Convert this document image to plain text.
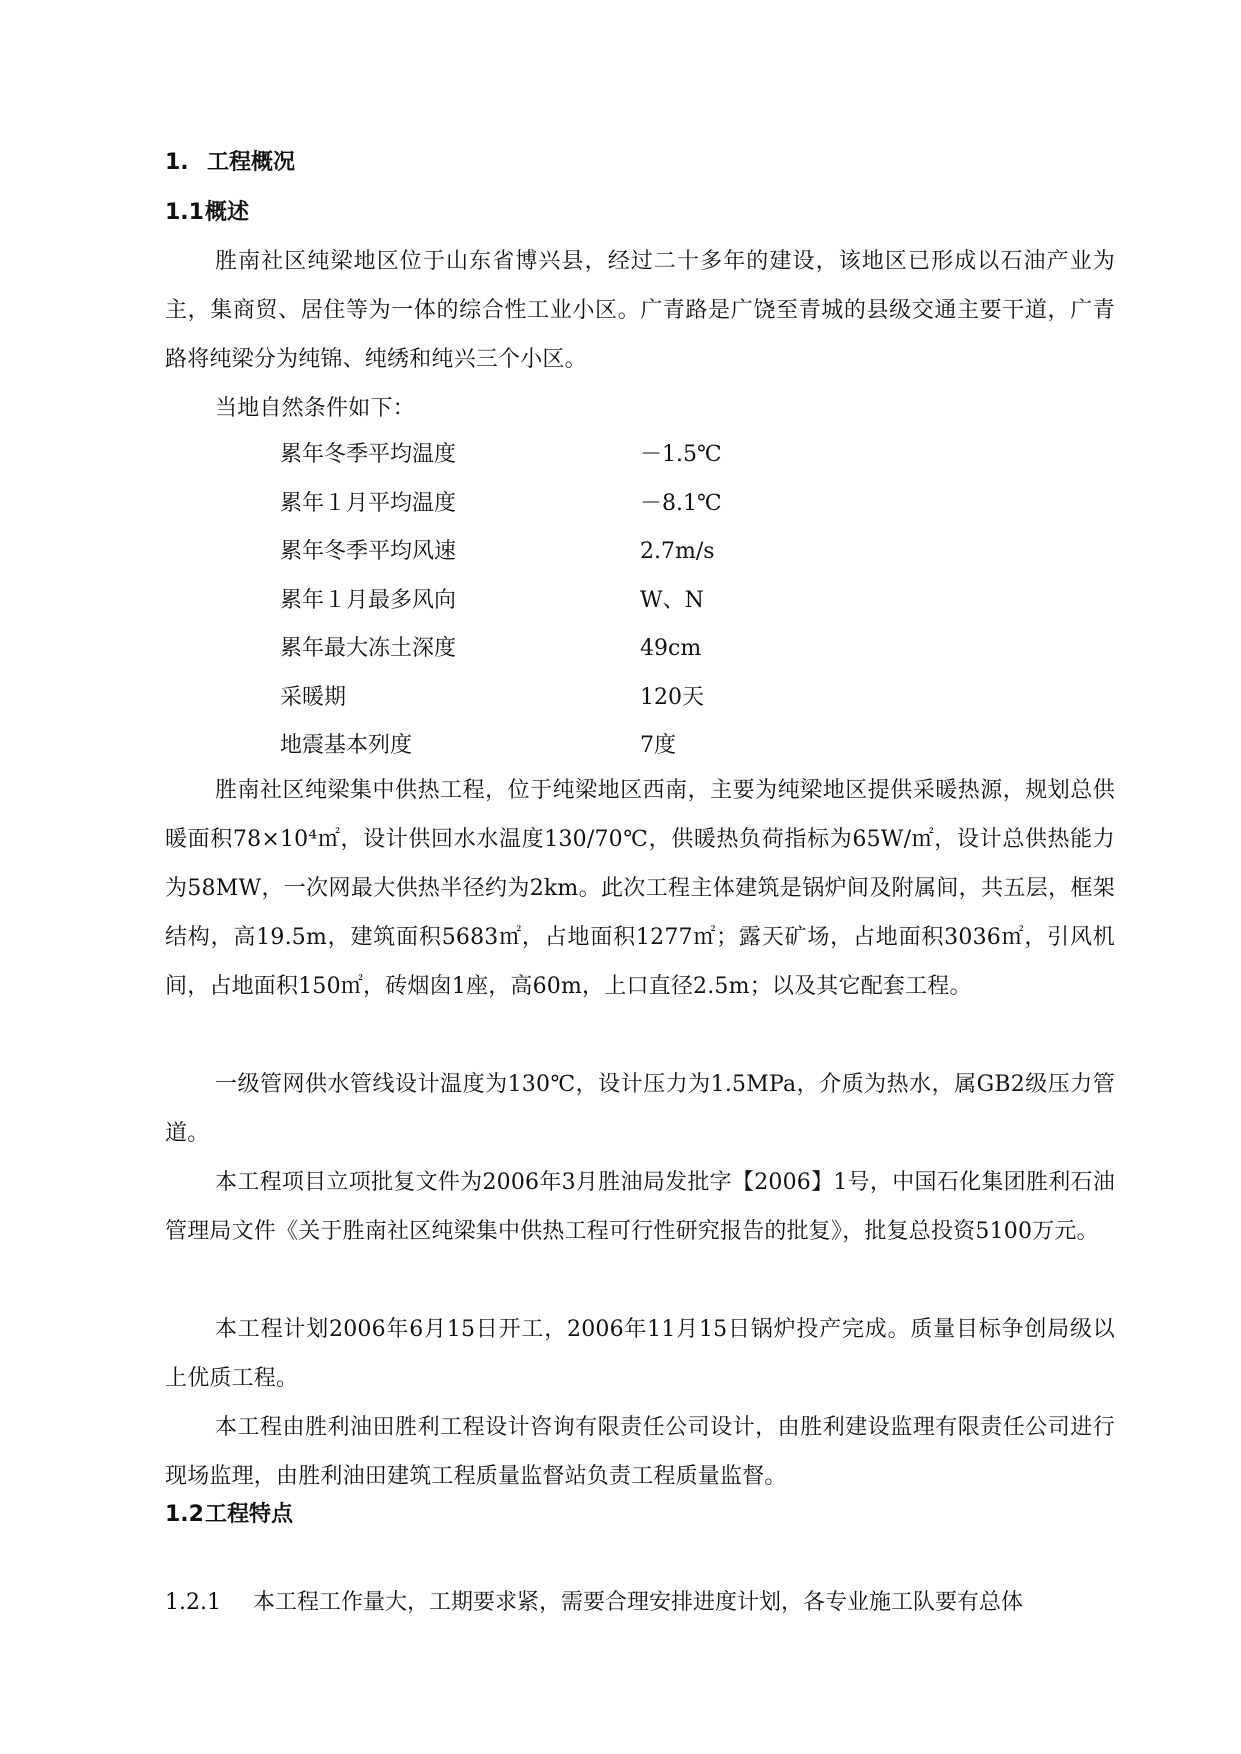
1. 工程概况
1.1概述

胜南社区纯梁地区位于山东省博兴县，经过二十多年的建设，该地区已形成以石油产业为主，集商贸、居住等为一体的综合性工业小区。广青路是广饶至青城的县级交通主要干道，广青路将纯梁分为纯锦、纯绣和纯兴三个小区。

当地自然条件如下：

累年冬季平均温度	－1.5℃
累年１月平均温度	－8.1℃
累年冬季平均风速	2.7m/s
累年１月最多风向	W、N
累年最大冻土深度	49cm
采暖期	120天
地震基本列度	7度

胜南社区纯梁集中供热工程，位于纯梁地区西南，主要为纯梁地区提供采暖热源，规划总供暖面积78×10⁴㎡，设计供回水水温度130/70℃，供暖热负荷指标为65W/㎡，设计总供热能力为58MW，一次网最大供热半径约为2km。此次工程主体建筑是锅炉间及附属间，共五层，框架结构，高19.5m，建筑面积5683㎡，占地面积1277㎡；露天矿场，占地面积3036㎡，引风机间，占地面积150㎡，砖烟囱1座，高60m，上口直径2.5m；以及其它配套工程。

一级管网供水管线设计温度为130℃，设计压力为1.5MPa，介质为热水，属GB2级压力管道。

本工程项目立项批复文件为2006年3月胜油局发批字【2006】1号，中国石化集团胜利石油管理局文件《关于胜南社区纯梁集中供热工程可行性研究报告的批复》，批复总投资5100万元。

本工程计划2006年6月15日开工，2006年11月15日锅炉投产完成。质量目标争创局级以上优质工程。

本工程由胜利油田胜利工程设计咨询有限责任公司设计，由胜利建设监理有限责任公司进行现场监理，由胜利油田建筑工程质量监督站负责工程质量监督。

1.2工程特点
1.2.1 本工程工作量大，工期要求紧，需要合理安排进度计划，各专业施工队要有总体
